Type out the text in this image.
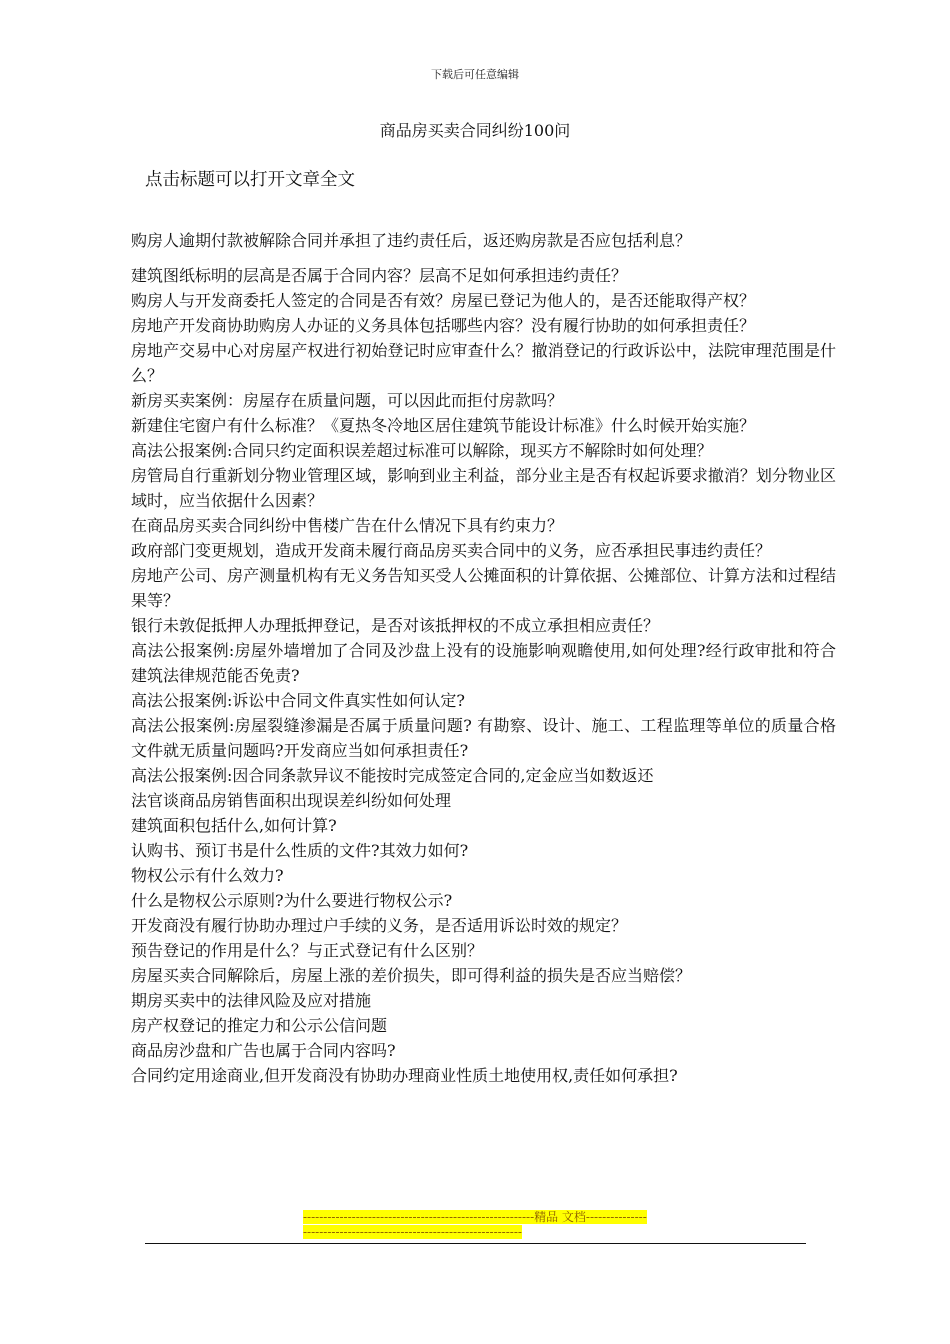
下载后可任意编辑
商品房买卖合同纠纷100问
点击标题可以打开文章全文
购房人逾期付款被解除合同并承担了违约责任后，返还购房款是否应包括利息？
建筑图纸标明的层高是否属于合同内容？层高不足如何承担违约责任？
购房人与开发商委托人签定的合同是否有效？房屋已登记为他人的，是否还能取得产权？
房地产开发商协助购房人办证的义务具体包括哪些内容？没有履行协助的如何承担责任？
房地产交易中心对房屋产权进行初始登记时应审查什么？撤消登记的行政诉讼中，法院审理范围是什么？
新房买卖案例：房屋存在质量问题，可以因此而拒付房款吗？
新建住宅窗户有什么标准？《夏热冬冷地区居住建筑节能设计标准》什么时候开始实施？
高法公报案例:合同只约定面积误差超过标准可以解除，现买方不解除时如何处理？
房管局自行重新划分物业管理区域，影响到业主利益，部分业主是否有权起诉要求撤消？划分物业区域时，应当依据什么因素？
在商品房买卖合同纠纷中售楼广告在什么情况下具有约束力？
政府部门变更规划，造成开发商未履行商品房买卖合同中的义务，应否承担民事违约责任？
房地产公司、房产测量机构有无义务告知买受人公摊面积的计算依据、公摊部位、计算方法和过程结果等？
银行未敦促抵押人办理抵押登记，是否对该抵押权的不成立承担相应责任？
高法公报案例:房屋外墙增加了合同及沙盘上没有的设施影响观瞻使用,如何处理?经行政审批和符合建筑法律规范能否免责?
高法公报案例:诉讼中合同文件真实性如何认定?
高法公报案例:房屋裂缝渗漏是否属于质量问题? 有勘察、设计、施工、工程监理等单位的质量合格文件就无质量问题吗?开发商应当如何承担责任?
高法公报案例:因合同条款异议不能按时完成签定合同的,定金应当如数返还
法官谈商品房销售面积出现误差纠纷如何处理
建筑面积包括什么,如何计算?
认购书、预订书是什么性质的文件?其效力如何?
物权公示有什么效力?
什么是物权公示原则?为什么要进行物权公示?
开发商没有履行协助办理过户手续的义务，是否适用诉讼时效的规定？
预告登记的作用是什么？与正式登记有什么区别？
房屋买卖合同解除后，房屋上涨的差价损失，即可得利益的损失是否应当赔偿？
期房买卖中的法律风险及应对措施
房产权登记的推定力和公示公信问题
商品房沙盘和广告也属于合同内容吗?
合同约定用途商业,但开发商没有协助办理商业性质土地使用权,责任如何承担?
---------------------------------------------------------精品 文档---------------------------------------------------------------------
